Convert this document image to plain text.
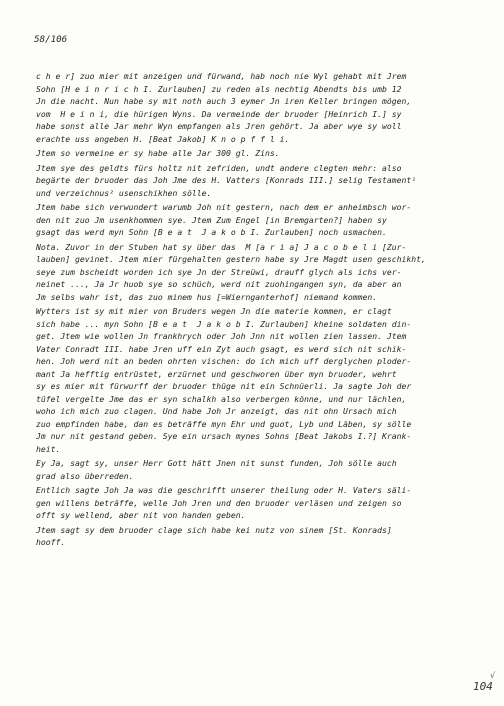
58/106
c h e r] zuo mier mit anzeigen und fürwand, hab noch nie Wyl gehabt mit Jrem
Sohn [H e i n r i c h I. Zurlauben] zu reden als nechtig Abendts bis umb 12
Jn die nacht. Nun habe sy mit noth auch 3 eymer Jn iren Keller bringen mögen,
vom  H e i n i, die hürigen Wyns. Da vermeinde der bruoder [Heinrich I.] sy
habe sonst alle Jar mehr Wyn empfangen als Jren gehört. Ja aber wye sy woll
erachte uss angeben H. [Beat Jakob] K n o p f f l i.
Jtem so vermeine er sy habe alle Jar 300 gl. Zins.
Jtem sye des geldts fürs holtz nit zefriden, undt andere clegten mehr: also
begärte der bruoder das Joh Jme des H. Vatters [Konrads III.] selig Testament¹
und verzeichnus² usenschikhen sölle.
Jtem habe sich verwundert warumb Joh nit gestern, nach dem er anheimbsch wor-
den nit zuo Jm usenkhommen sye. Jtem Zum Engel [in Bremgarten?] haben sy
gsagt das werd myn Sohn [B e a t  J a k o b I. Zurlauben] noch usmachen.
Nota. Zuvor in der Stuben hat sy über das  M [a r i a] J a c o b e l i [Zur-
lauben] gevinet. Jtem mier fürgehalten gestern habe sy Jre Magdt usen geschikht,
seye zum bscheidt worden ich sye Jn der Streüwi, drauff glych als ichs ver-
neinet ..., Ja Jr huob sye so schüch, werd nit zuohingangen syn, da aber an
Jm selbs wahr ist, das zuo minem hus [=Wiernganterhof] niemand kommen.
Wytters ist sy mit mier von Bruders wegen Jn die materie kommen, er clagt
sich habe ... myn Sohn [B e a t  J a k o b I. Zurlauben] kheine soldaten din-
get. Jtem wie wollen Jn frankhrych oder Joh Jnn nit wollen zien lassen. Jtem
Vater Conradt III. habe Jren uff ein Zyt auch gsagt, es werd sich nit schik-
hen. Joh werd nit an beden ohrten vischen: do ich mich uff derglychen ploder-
mant Ja hefftig entrüstet, erzürnet und geschworen über myn bruoder, wehrt
sy es mier mit fürwurff der bruoder thüge nit ein Schnüerli. Ja sagte Joh der
tüfel vergelte Jme das er syn schalkh also verbergen könne, und nur lächlen,
woho ich mich zuo clagen. Und habe Joh Jr anzeigt, das nit ohn Ursach mich
zuo empfinden habe, dan es beträffe myn Ehr und guot, Lyb und Läben, sy sölle
Jm nur nit gestand geben. Sye ein ursach mynes Sohns [Beat Jakobs I.?] Krank-
heit.
Ey Ja, sagt sy, unser Herr Gott hätt Jnen nit sunst funden, Joh sölle auch
grad also überreden.
Entlich sagte Joh Ja was die geschrifft unserer theilung oder H. Vaters säli-
gen willens beträffe, welle Joh Jren und den bruoder verläsen und zeigen so
offt sy wellend, aber nit von handen geben.
Jtem sagt sy dem bruoder clage sich habe kei nutz von sinem [St. Konrads]
hooff.
√
104
